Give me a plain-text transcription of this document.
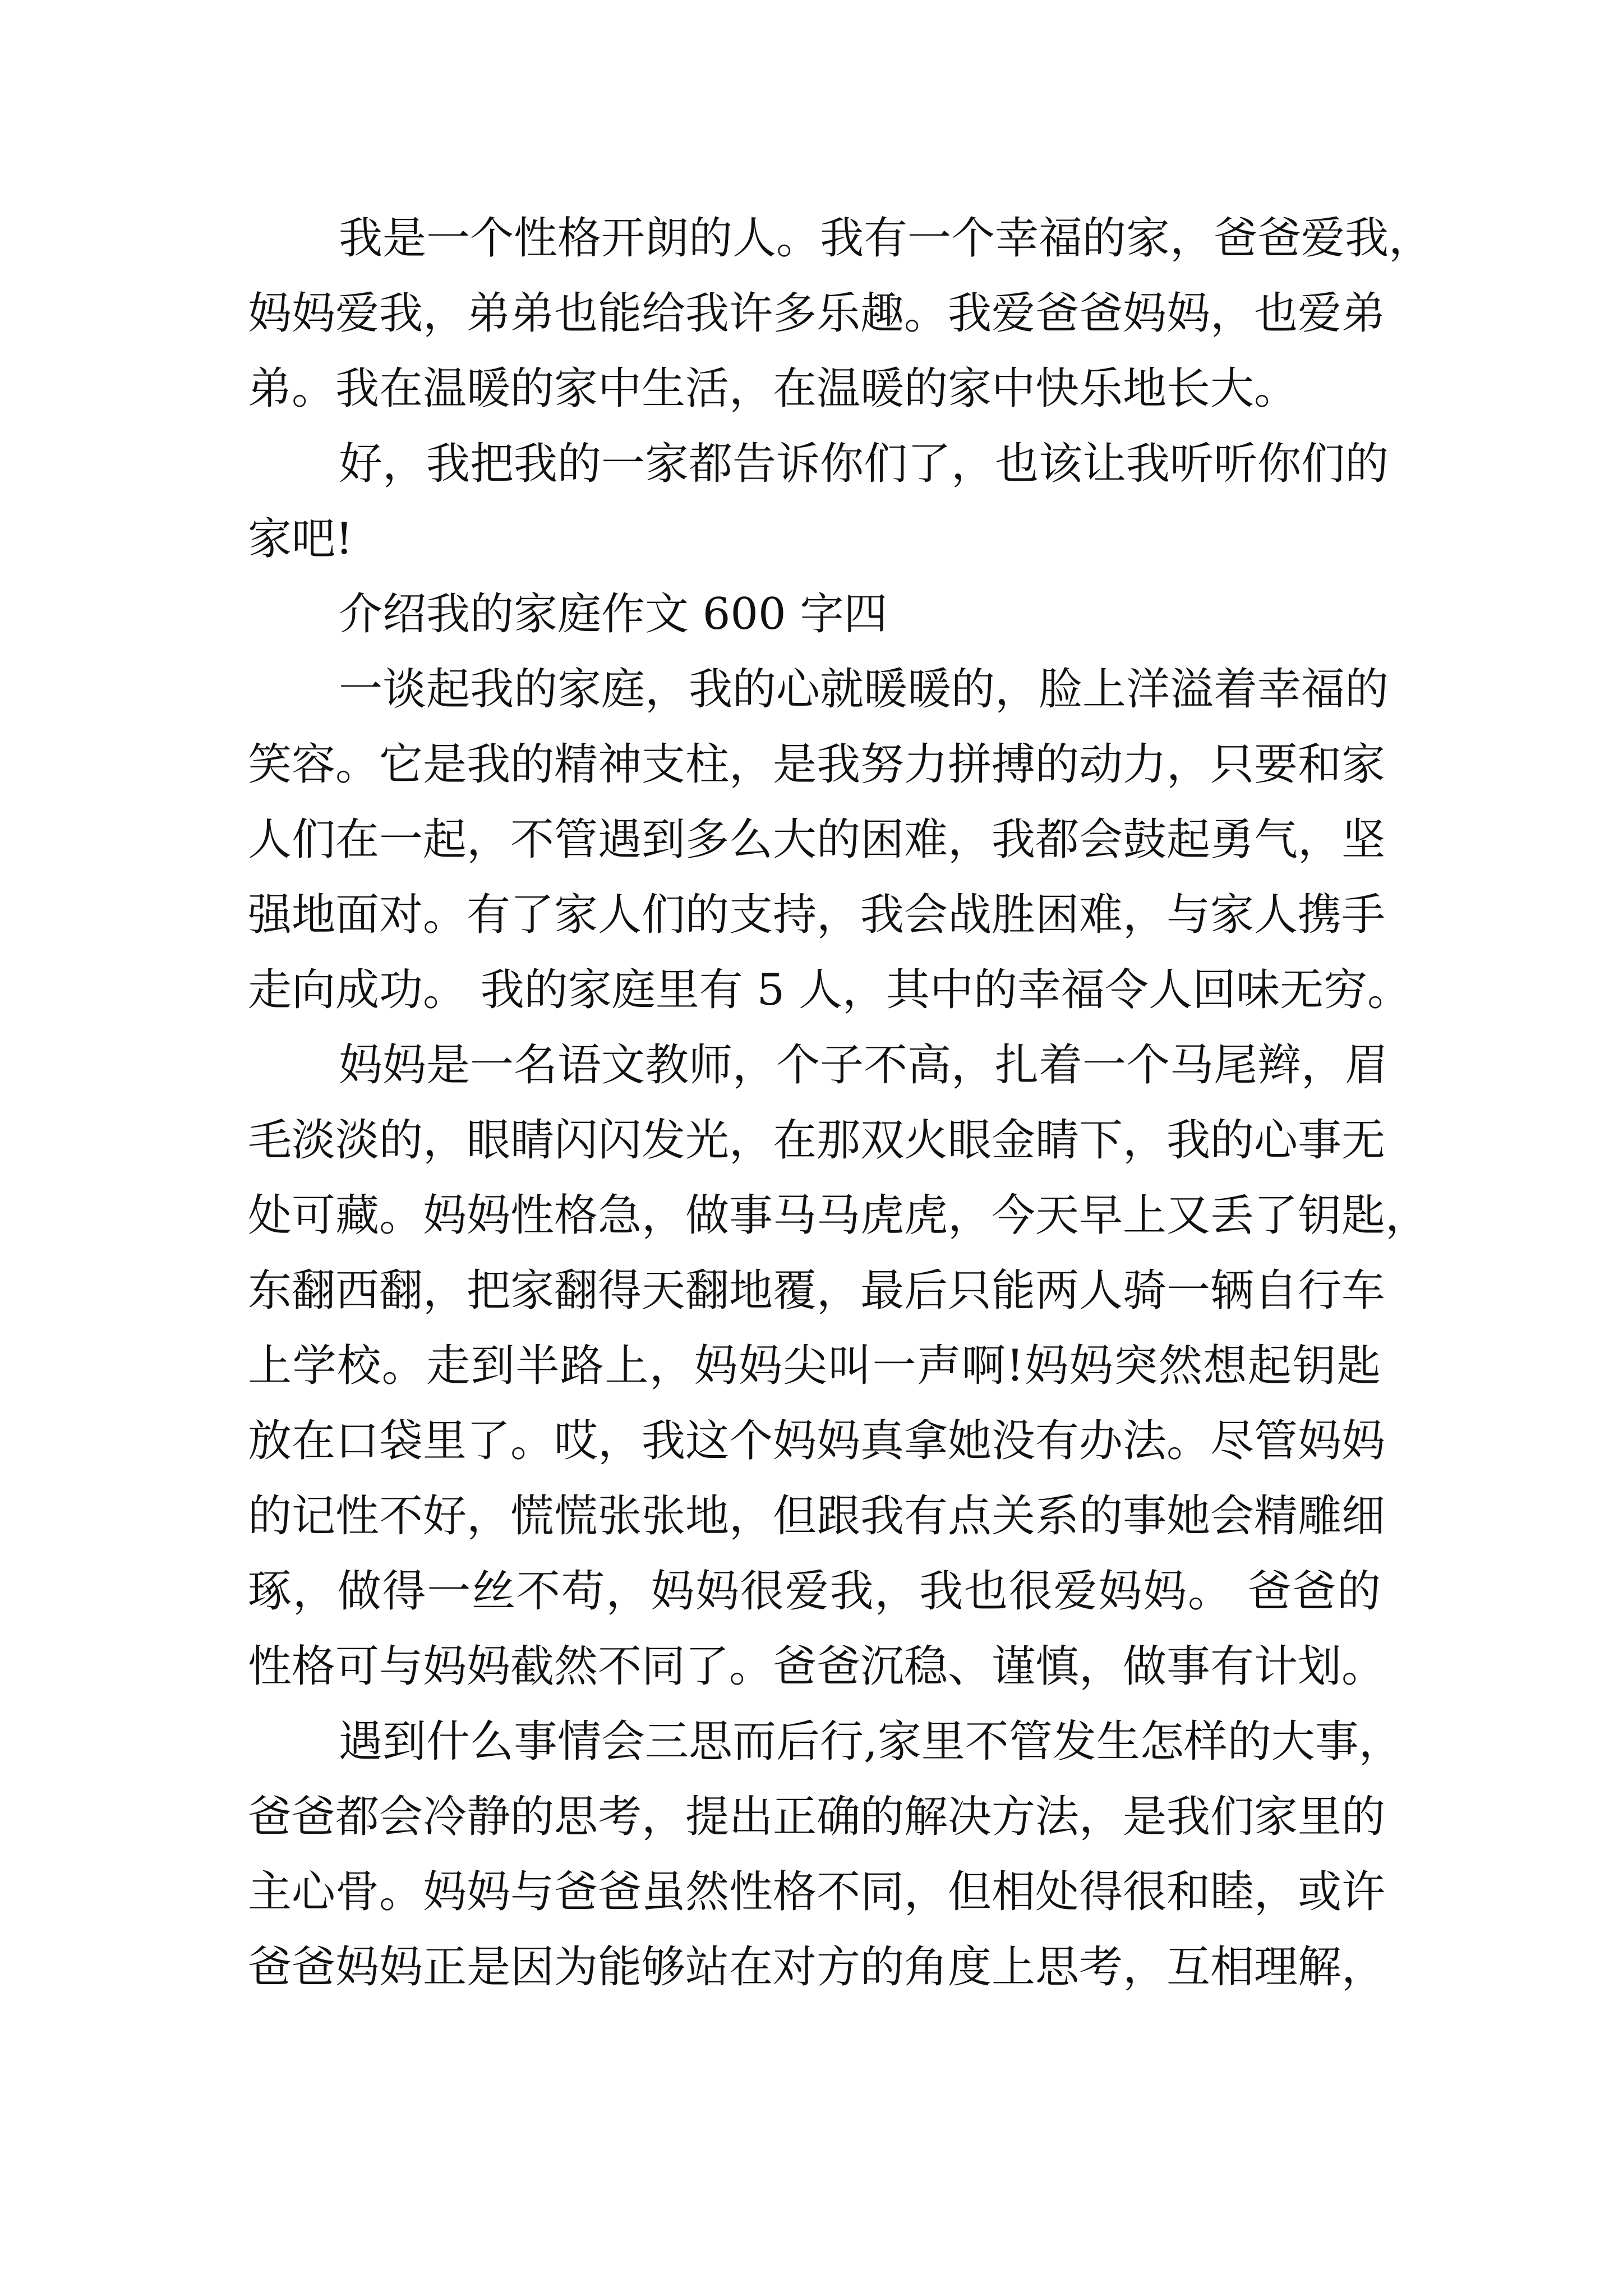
我是一个性格开朗的人。我有一个幸福的家，爸爸爱我，
妈妈爱我，弟弟也能给我许多乐趣。我爱爸爸妈妈，也爱弟
弟。我在温暖的家中生活，在温暖的家中快乐地长大。
好，我把我的一家都告诉你们了，也该让我听听你们的
家吧!
介绍我的家庭作文 600 字四
一谈起我的家庭，我的心就暖暖的，脸上洋溢着幸福的
笑容。它是我的精神支柱，是我努力拼搏的动力，只要和家
人们在一起，不管遇到多么大的困难，我都会鼓起勇气，坚
强地面对。有了家人们的支持，我会战胜困难，与家人携手
走向成功。 我的家庭里有 5 人，其中的幸福令人回味无穷。
妈妈是一名语文教师，个子不高，扎着一个马尾辫，眉
毛淡淡的，眼睛闪闪发光，在那双火眼金睛下，我的心事无
处可藏。妈妈性格急，做事马马虎虎，今天早上又丢了钥匙，
东翻西翻，把家翻得天翻地覆，最后只能两人骑一辆自行车
上学校。走到半路上，妈妈尖叫一声啊!妈妈突然想起钥匙
放在口袋里了。哎，我这个妈妈真拿她没有办法。尽管妈妈
的记性不好，慌慌张张地，但跟我有点关系的事她会精雕细
琢，做得一丝不苟，妈妈很爱我，我也很爱妈妈。 爸爸的
性格可与妈妈截然不同了。爸爸沉稳、谨慎，做事有计划。
遇到什么事情会三思而后行,家里不管发生怎样的大事，
爸爸都会冷静的思考，提出正确的解决方法，是我们家里的
主心骨。妈妈与爸爸虽然性格不同，但相处得很和睦，或许
爸爸妈妈正是因为能够站在对方的角度上思考，互相理解，
